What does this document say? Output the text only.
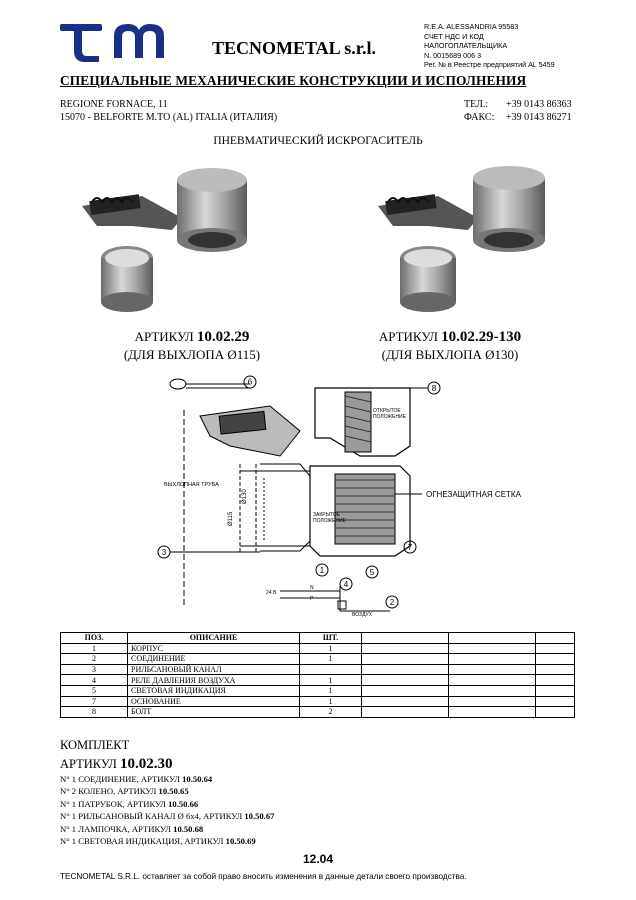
TECNOMETAL s.r.l.
R.E.A. ALESSANDRIA 95583
СЧЕТ НДС И КОД
НАЛОГОПЛАТЕЛЬЩИКА
N. 0015689 006 3
Рег. № в Реестре предприятий AL 5459
СПЕЦИАЛЬНЫЕ МЕХАНИЧЕСКИЕ КОНСТРУКЦИИ И ИСПОЛНЕНИЯ
REGIONE FORNACE, 11
15070 - BELFORTE M.TO (AL) ITALIA (ИТАЛИЯ)
ТЕЛ.: +39 0143 86363
ФАКС: +39 0143 86271
ПНЕВМАТИЧЕСКИЙ ИСКРОГАСИТЕЛЬ
АРТИКУЛ 10.02.29
(ДЛЯ ВЫХЛОПА Ø115)
АРТИКУЛ 10.02.29-130
(ДЛЯ ВЫХЛОПА Ø130)
6
8
ОТКРЫТОЕ
ПОЛОЖЕНИЕ
ВЫХЛОПНАЯ ТРУБА
ОГНЕЗАЩИТНАЯ СЕТКА
ЗАКРЫТОЕ
ПОЛОЖЕНИЕ
Ø115
Ø130
1
3
7
4
5
2
24 В
N
P
ВОЗДУХ
ПОЗ.	ОПИСАНИЕ	ШТ.			
1	КОРПУС	1			
2	СОЕДИНЕНИЕ	1			
3	РИЛЬСАНОВЫЙ КАНАЛ				
4	РЕЛЕ ДАВЛЕНИЯ ВОЗДУХА	1			
5	СВЕТОВАЯ ИНДИКАЦИЯ	1			
7	ОСНОВАНИЕ	1			
8	БОЛТ	2			
КОМПЛЕКТ
АРТИКУЛ 10.02.30
N° 1 СОЕДИНЕНИЕ, АРТИКУЛ 10.50.64
N° 2 КОЛЕНО, АРТИКУЛ 10.50.65
N° 1 ПАТРУБОК, АРТИКУЛ 10.50.66
N° 1 РИЛЬСАНОВЫЙ КАНАЛ Ø 6x4, АРТИКУЛ 10.50.67
N° 1 ЛАМПОЧКА, АРТИКУЛ 10.50.68
N° 1 СВЕТОВАЯ ИНДИКАЦИЯ, АРТИКУЛ 10.50.69
12.04
TECNOMETAL S.R.L. оставляет за собой право вносить изменения в данные детали своего производства.
